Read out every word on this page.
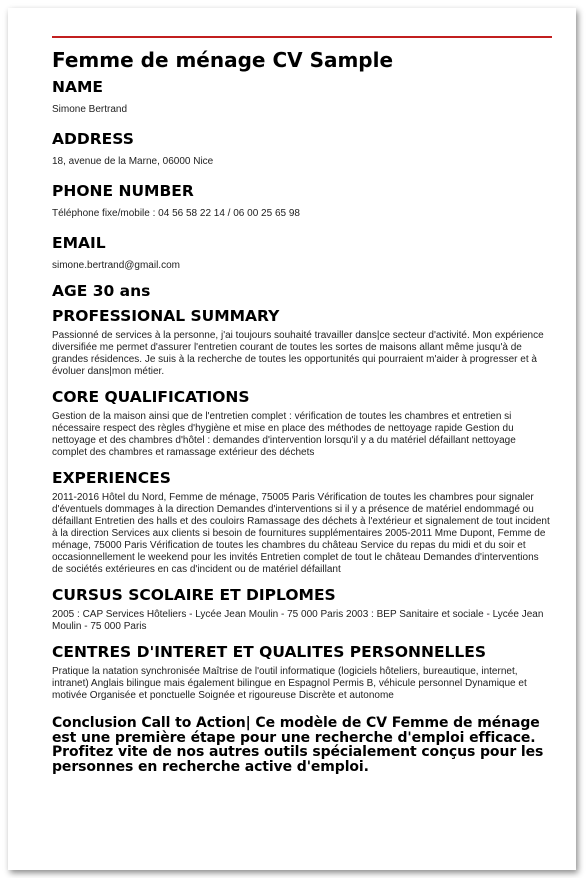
Femme de ménage CV Sample
NAME

Simone Bertrand

ADDRESS

18, avenue de la Marne, 06000 Nice

PHONE NUMBER

Téléphone fixe/mobile : 04 56 58 22 14 / 06 00 25 65 98

EMAIL

simone.bertrand@gmail.com

AGE 30 ans
PROFESSIONAL SUMMARY

Passionné de services à la personne, j'ai toujours souhaité travailler dans|ce secteur d'activité. Mon expérience diversifiée me permet d'assurer l'entretien courant de toutes les sortes de maisons allant même jusqu'à de grandes résidences. Je suis à la recherche de toutes les opportunités qui pourraient m'aider à progresser et à évoluer dans|mon métier.

CORE QUALIFICATIONS

Gestion de la maison ainsi que de l'entretien complet : vérification de toutes les chambres et entretien si nécessaire respect des règles d'hygiène et mise en place des méthodes de nettoyage rapide Gestion du nettoyage et des chambres d'hôtel : demandes d'intervention lorsqu'il y a du matériel défaillant nettoyage complet des chambres et ramassage extérieur des déchets

EXPERIENCES

2011-2016 Hôtel du Nord, Femme de ménage, 75005 Paris Vérification de toutes les chambres pour signaler d'éventuels dommages à la direction Demandes d'interventions si il y a présence de matériel endommagé ou défaillant Entretien des halls et des couloirs Ramassage des déchets à l'extérieur et signalement de tout incident à la direction Services aux clients si besoin de fournitures supplémentaires 2005-2011 Mme Dupont, Femme de ménage, 75000 Paris Vérification de toutes les chambres du château Service du repas du midi et du soir et occasionnellement le weekend pour les invités Entretien complet de tout le château Demandes d'interventions de sociétés extérieures en cas d'incident ou de matériel défaillant

CURSUS SCOLAIRE ET DIPLOMES

2005 : CAP Services Hôteliers - Lycée Jean Moulin - 75 000 Paris 2003 : BEP Sanitaire et sociale - Lycée Jean Moulin - 75 000 Paris

CENTRES D'INTERET ET QUALITES PERSONNELLES

Pratique la natation synchronisée Maîtrise de l'outil informatique (logiciels hôteliers, bureautique, internet, intranet) Anglais bilingue mais également bilingue en Espagnol Permis B, véhicule personnel Dynamique et motivée Organisée et ponctuelle Soignée et rigoureuse Discrète et autonome

Conclusion Call to Action| Ce modèle de CV Femme de ménage est une première étape pour une recherche d'emploi efficace. Profitez vite de nos autres outils spécialement conçus pour les personnes en recherche active d'emploi.
